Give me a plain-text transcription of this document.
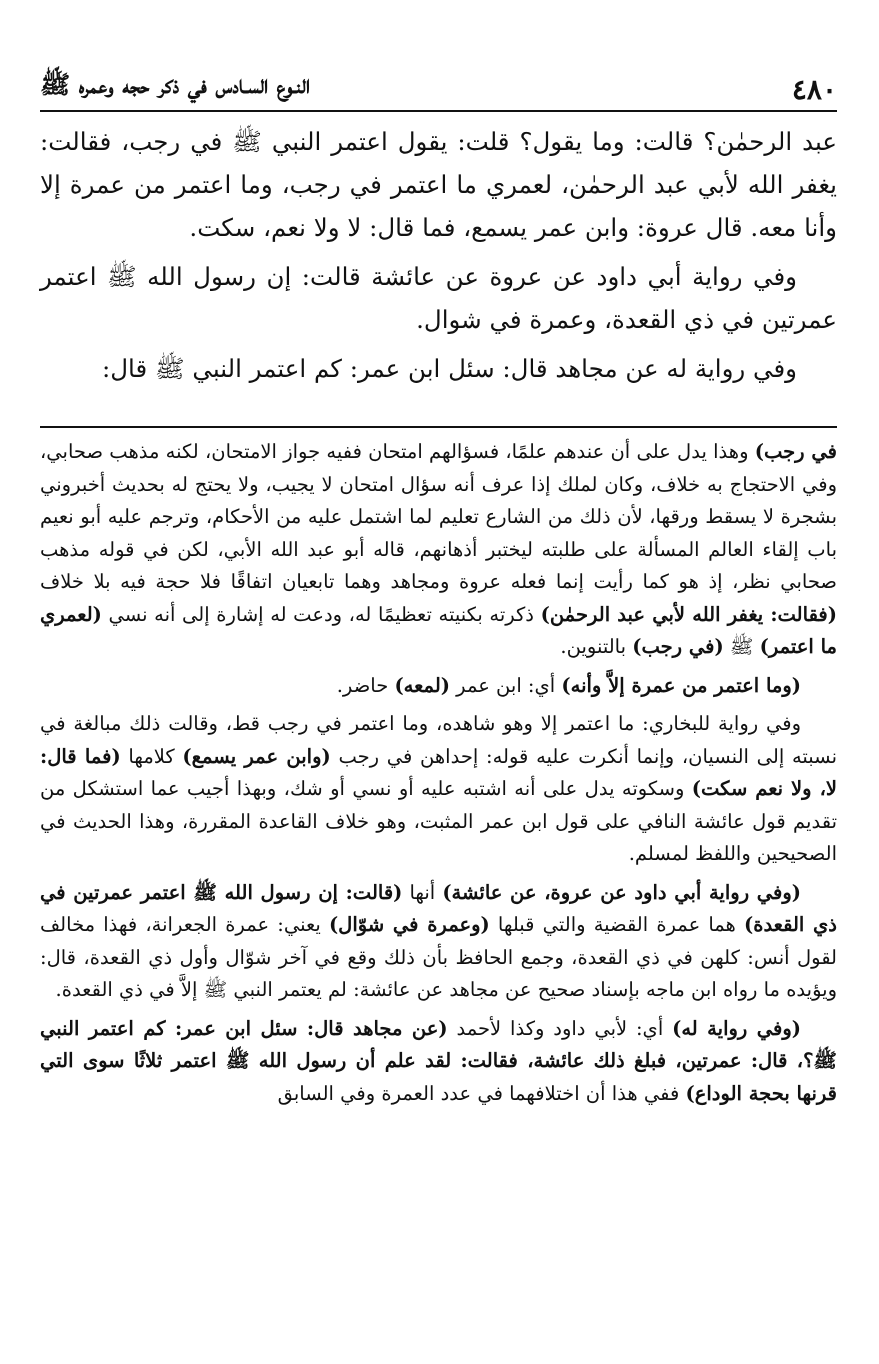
٤٨٠
النـوع السـادس في ذكر حجه وعمره ﷺ

عبد الرحمٰن؟ قالت: وما يقول؟ قلت: يقول اعتمر النبي ﷺ في رجب، فقالت: يغفر الله لأبي عبد الرحمٰن، لعمري ما اعتمر في رجب، وما اعتمر من عمرة إلا وأنا معه. قال عروة: وابن عمر يسمع، فما قال: لا ولا نعم، سكت.

وفي رواية أبي داود عن عروة عن عائشة قالت: إن رسول الله ﷺ اعتمر عمرتين في ذي القعدة، وعمرة في شوال.

وفي رواية له عن مجاهد قال: سئل ابن عمر: كم اعتمر النبي ﷺ قال:

في رجب) وهذا يدل على أن عندهم علمًا، فسؤالهم امتحان ففيه جواز الامتحان، لكنه مذهب صحابي، وفي الاحتجاج به خلاف، وكان لملك إذا عرف أنه سؤال امتحان لا يجيب، ولا يحتج له بحديث أخبروني بشجرة لا يسقط ورقها، لأن ذلك من الشارع تعليم لما اشتمل عليه من الأحكام، وترجم عليه أبو نعيم باب إلقاء العالم المسألة على طلبته ليختبر أذهانهم، قاله أبو عبد الله الأبي، لكن في قوله مذهب صحابي نظر، إذ هو كما رأيت إنما فعله عروة ومجاهد وهما تابعيان اتفاقًا فلا حجة فيه بلا خلاف (فقالت: يغفر الله لأبي عبد الرحمٰن) ذكرته بكنيته تعظيمًا له، ودعت له إشارة إلى أنه نسي (لعمري ما اعتمر) ﷺ (في رجب) بالتنوين.

(وما اعتمر من عمرة إلاَّ وأنه) أي: ابن عمر (لمعه) حاضر.

وفي رواية للبخاري: ما اعتمر إلا وهو شاهده، وما اعتمر في رجب قط، وقالت ذلك مبالغة في نسبته إلى النسيان، وإنما أنكرت عليه قوله: إحداهن في رجب (وابن عمر يسمع) كلامها (فما قال: لا، ولا نعم سكت) وسكوته يدل على أنه اشتبه عليه أو نسي أو شك، وبهذا أجيب عما استشكل من تقديم قول عائشة النافي على قول ابن عمر المثبت، وهو خلاف القاعدة المقررة، وهذا الحديث في الصحيحين واللفظ لمسلم.

(وفي رواية أبي داود عن عروة، عن عائشة) أنها (قالت: إن رسول الله ﷺ اعتمر عمرتين في ذي القعدة) هما عمرة القضية والتي قبلها (وعمرة في شوّال) يعني: عمرة الجعرانة، فهذا مخالف لقول أنس: كلهن في ذي القعدة، وجمع الحافظ بأن ذلك وقع في آخر شوّال وأول ذي القعدة، قال: ويؤيده ما رواه ابن ماجه بإسناد صحيح عن مجاهد عن عائشة: لم يعتمر النبي ﷺ إلاَّ في ذي القعدة.

(وفي رواية له) أي: لأبي داود وكذا لأحمد (عن مجاهد قال: سئل ابن عمر: كم اعتمر النبي ﷺ؟، قال: عمرتين، فبلغ ذلك عائشة، فقالت: لقد علم أن رسول الله ﷺ اعتمر ثلاثًا سوى التي قرنها بحجة الوداع) ففي هذا أن اختلافهما في عدد العمرة وفي السابق
